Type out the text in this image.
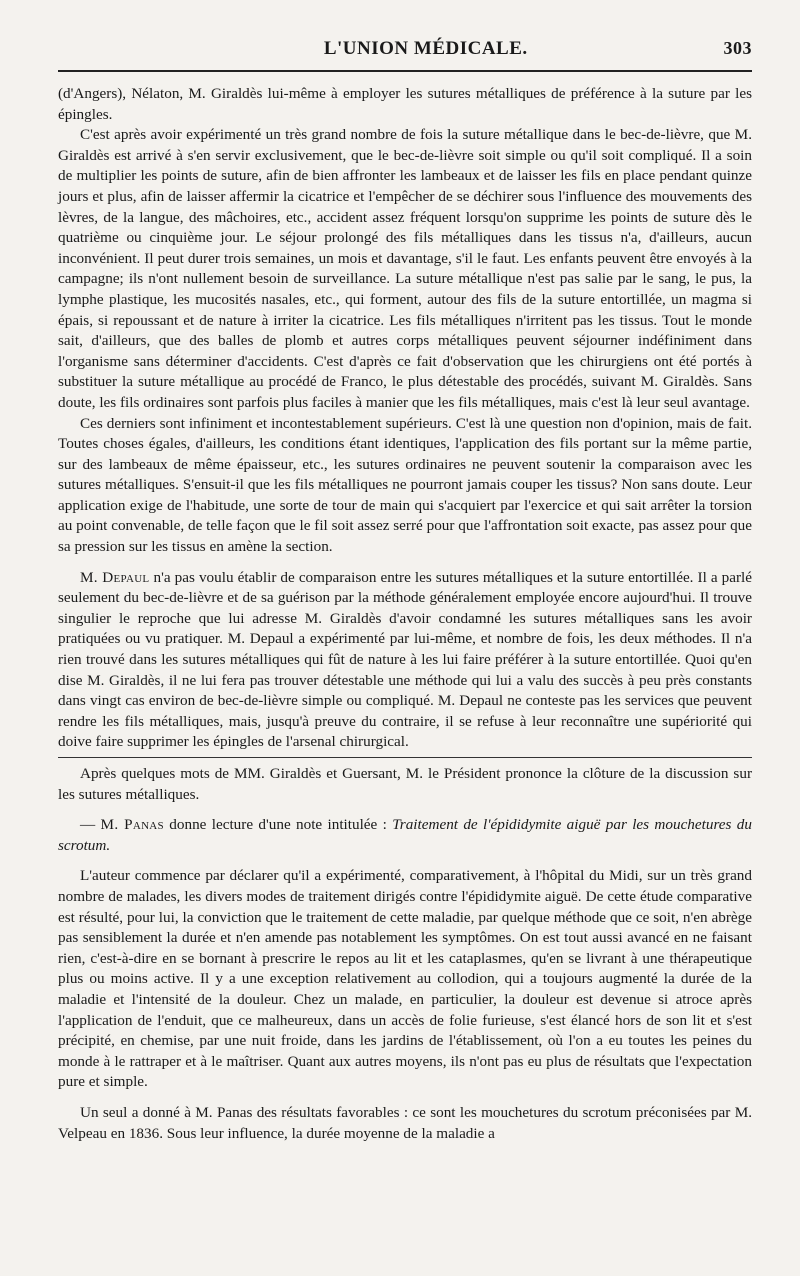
L'UNION MÉDICALE.	303

(d'Angers), Nélaton, M. Giraldès lui-même à employer les sutures métalliques de préférence à la suture par les épingles.

C'est après avoir expérimenté un très grand nombre de fois la suture métallique dans le bec-de-lièvre, que M. Giraldès est arrivé à s'en servir exclusivement, que le bec-de-lièvre soit simple ou qu'il soit compliqué. Il a soin de multiplier les points de suture, afin de bien affronter les lambeaux et de laisser les fils en place pendant quinze jours et plus, afin de laisser affermir la cicatrice et l'empêcher de se déchirer sous l'influence des mouvements des lèvres, de la langue, des mâchoires, etc., accident assez fréquent lorsqu'on supprime les points de suture dès le quatrième ou cinquième jour. Le séjour prolongé des fils métalliques dans les tissus n'a, d'ailleurs, aucun inconvénient. Il peut durer trois semaines, un mois et davantage, s'il le faut. Les enfants peuvent être envoyés à la campagne; ils n'ont nullement besoin de surveillance. La suture métallique n'est pas salie par le sang, le pus, la lymphe plastique, les mucosités nasales, etc., qui forment, autour des fils de la suture entortillée, un magma si épais, si repoussant et de nature à irriter la cicatrice. Les fils métalliques n'irritent pas les tissus. Tout le monde sait, d'ailleurs, que des balles de plomb et autres corps métalliques peuvent séjourner indéfiniment dans l'organisme sans déterminer d'accidents. C'est d'après ce fait d'observation que les chirurgiens ont été portés à substituer la suture métallique au procédé de Franco, le plus détestable des procédés, suivant M. Giraldès. Sans doute, les fils ordinaires sont parfois plus faciles à manier que les fils métalliques, mais c'est là leur seul avantage.

Ces derniers sont infiniment et incontestablement supérieurs. C'est là une question non d'opinion, mais de fait. Toutes choses égales, d'ailleurs, les conditions étant identiques, l'application des fils portant sur la même partie, sur des lambeaux de même épaisseur, etc., les sutures ordinaires ne peuvent soutenir la comparaison avec les sutures métalliques. S'ensuit-il que les fils métalliques ne pourront jamais couper les tissus? Non sans doute. Leur application exige de l'habitude, une sorte de tour de main qui s'acquiert par l'exercice et qui sait arrêter la torsion au point convenable, de telle façon que le fil soit assez serré pour que l'affrontation soit exacte, pas assez pour que sa pression sur les tissus en amène la section.

M. Depaul n'a pas voulu établir de comparaison entre les sutures métalliques et la suture entortillée. Il a parlé seulement du bec-de-lièvre et de sa guérison par la méthode généralement employée encore aujourd'hui. Il trouve singulier le reproche que lui adresse M. Giraldès d'avoir condamné les sutures métalliques sans les avoir pratiquées ou vu pratiquer. M. Depaul a expérimenté par lui-même, et nombre de fois, les deux méthodes. Il n'a rien trouvé dans les sutures métalliques qui fût de nature à les lui faire préférer à la suture entortillée. Quoi qu'en dise M. Giraldès, il ne lui fera pas trouver détestable une méthode qui lui a valu des succès à peu près constants dans vingt cas environ de bec-de-lièvre simple ou compliqué. M. Depaul ne conteste pas les services que peuvent rendre les fils métalliques, mais, jusqu'à preuve du contraire, il se refuse à leur reconnaître une supériorité qui doive faire supprimer les épingles de l'arsenal chirurgical.

Après quelques mots de MM. Giraldès et Guersant, M. le Président prononce la clôture de la discussion sur les sutures métalliques.

— M. Panas donne lecture d'une note intitulée : Traitement de l'épididymite aiguë par les mouchetures du scrotum.

L'auteur commence par déclarer qu'il a expérimenté, comparativement, à l'hôpital du Midi, sur un très grand nombre de malades, les divers modes de traitement dirigés contre l'épididymite aiguë. De cette étude comparative est résulté, pour lui, la conviction que le traitement de cette maladie, par quelque méthode que ce soit, n'en abrège pas sensiblement la durée et n'en amende pas notablement les symptômes. On est tout aussi avancé en ne faisant rien, c'est-à-dire en se bornant à prescrire le repos au lit et les cataplasmes, qu'en se livrant à une thérapeutique plus ou moins active. Il y a une exception relativement au collodion, qui a toujours augmenté la durée de la maladie et l'intensité de la douleur. Chez un malade, en particulier, la douleur est devenue si atroce après l'application de l'enduit, que ce malheureux, dans un accès de folie furieuse, s'est élancé hors de son lit et s'est précipité, en chemise, par une nuit froide, dans les jardins de l'établissement, où l'on a eu toutes les peines du monde à le rattraper et à le maîtriser. Quant aux autres moyens, ils n'ont pas eu plus de résultats que l'expectation pure et simple.

Un seul a donné à M. Panas des résultats favorables : ce sont les mouchetures du scrotum préconisées par M. Velpeau en 1836. Sous leur influence, la durée moyenne de la maladie a
